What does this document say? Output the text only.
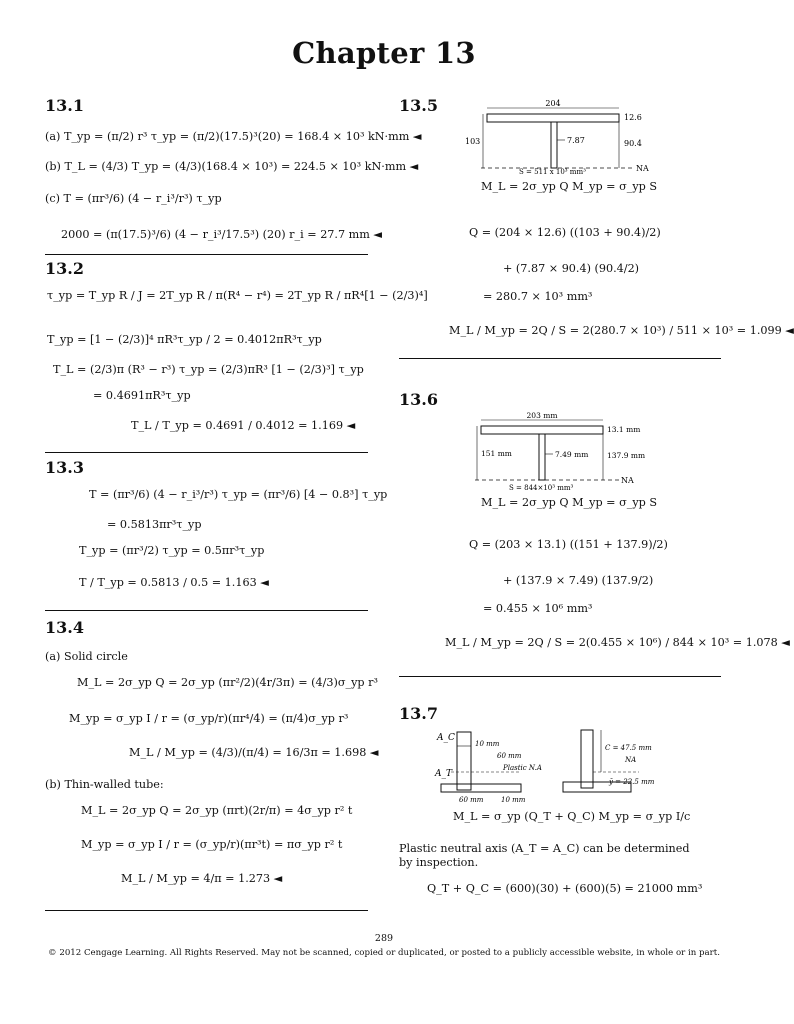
Chapter 13
13.1
(a) T_yp = (π/2) r³ τ_yp = (π/2)(17.5)³(20) = 168.4 × 10³ kN·mm ◄
(b) T_L = (4/3) T_yp = (4/3)(168.4 × 10³) = 224.5 × 10³ kN·mm ◄
(c) T = (πr³/6) (4 − r_i³/r³) τ_yp
2000 = (π(17.5)³/6) (4 − r_i³/17.5³) (20) r_i = 27.7 mm ◄
13.2
τ_yp = T_yp R / J = 2T_yp R / π(R⁴ − r⁴) = 2T_yp R / πR⁴[1 − (2/3)⁴]
T_yp = [1 − (2/3)]⁴ πR³τ_yp / 2 = 0.4012πR³τ_yp
T_L = (2/3)π (R³ − r³) τ_yp = (2/3)πR³ [1 − (2/3)³] τ_yp
= 0.4691πR³τ_yp
T_L / T_yp = 0.4691 / 0.4012 = 1.169 ◄
13.3
T = (πr³/6) (4 − r_i³/r³) τ_yp = (πr³/6) [4 − 0.8³] τ_yp
= 0.5813πr³τ_yp
T_yp = (πr³/2) τ_yp = 0.5πr³τ_yp
T / T_yp = 0.5813 / 0.5 = 1.163 ◄
13.4
(a) Solid circle
M_L = 2σ_yp Q = 2σ_yp (πr²/2)(4r/3π) = (4/3)σ_yp r³
M_yp = σ_yp I / r = (σ_yp/r)(πr⁴/4) = (π/4)σ_yp r³
M_L / M_yp = (4/3)/(π/4) = 16/3π = 1.698 ◄
(b) Thin-walled tube:
M_L = 2σ_yp Q = 2σ_yp (πrt)(2r/π) = 4σ_yp r² t
M_yp = σ_yp I / r = (σ_yp/r)(πr³t) = πσ_yp r² t
M_L / M_yp = 4/π = 1.273 ◄
13.5	204
12.6
103	7.87	90.4
S = 511 x 10³ mm³	NA
M_L = 2σ_yp Q M_yp = σ_yp S
Q = (204 × 12.6) ((103 + 90.4)/2)
+ (7.87 × 90.4) (90.4/2)
= 280.7 × 10³ mm³
M_L / M_yp = 2Q / S = 2(280.7 × 10³) / 511 × 10³ = 1.099 ◄
13.6
203 mm
13.1 mm
151 mm	7.49 mm 137.9 mm
S = 844×10³ mm³
NA
M_L = 2σ_yp Q M_yp = σ_yp S
Q = (203 × 13.1) ((151 + 137.9)/2)
+ (137.9 × 7.49) (137.9/2)
= 0.455 × 10⁶ mm³
M_L / M_yp = 2Q / S = 2(0.455 × 10⁶) / 844 × 10³ = 1.078 ◄
13.7
A_C
A_T
10 mm
60 mm
Plastic N.A
60 mm	10 mm
C = 47.5 mm
NA
ȳ = 22.5 mm
M_L = σ_yp (Q_T + Q_C) M_yp = σ_yp I/c
Plastic neutral axis (A_T = A_C) can be determined by inspection.
Q_T + Q_C = (600)(30) + (600)(5) = 21000 mm³
289
© 2012 Cengage Learning. All Rights Reserved. May not be scanned, copied or duplicated, or posted to a publicly accessible website, in whole or in part.
